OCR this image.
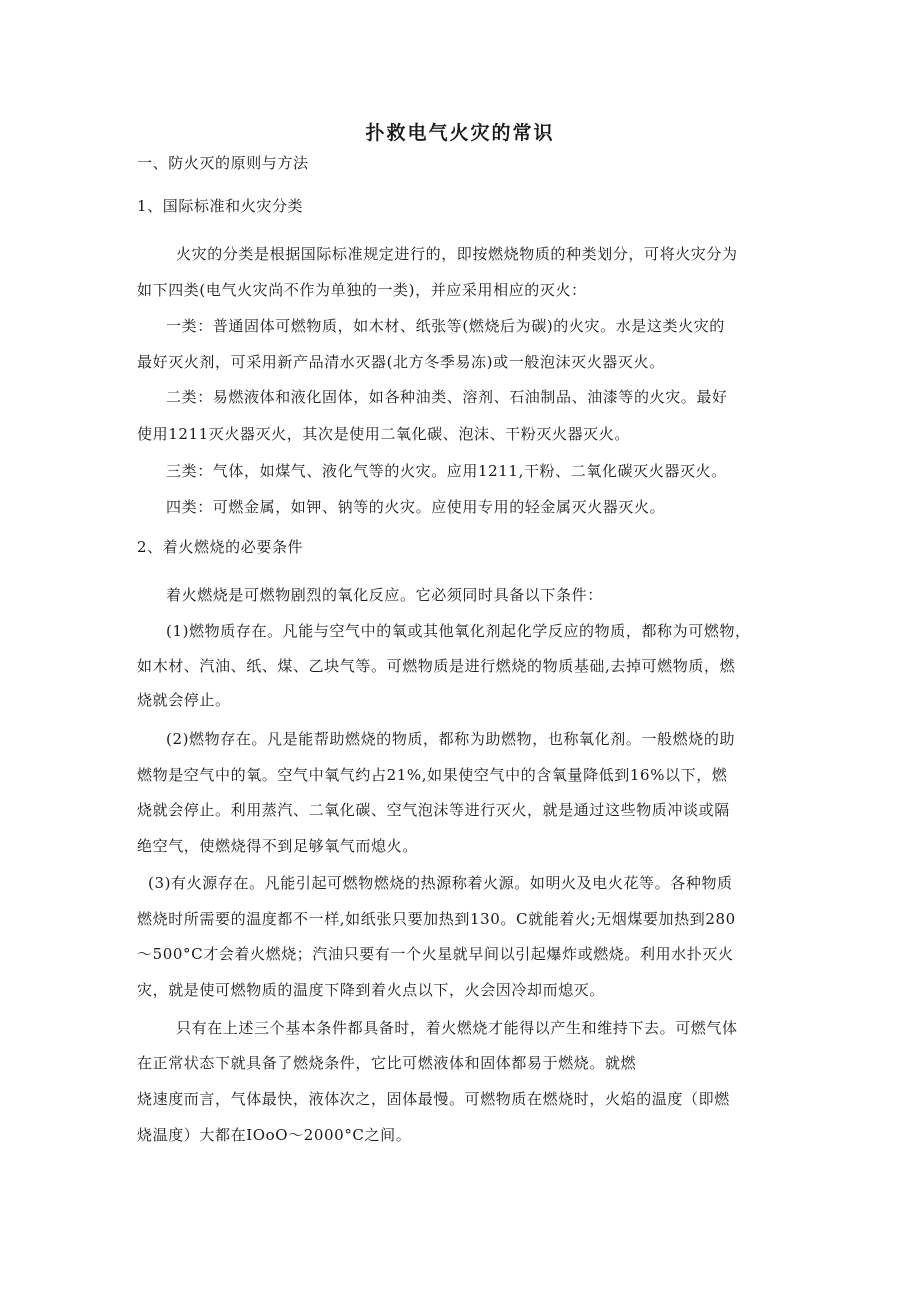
扑救电气火灾的常识
一、防火灭的原则与方法
1、国际标准和火灾分类
火灾的分类是根据国际标准规定进行的，即按燃烧物质的种类划分，可将火灾分为
如下四类(电气火灾尚不作为单独的一类)，并应采用相应的灭火：
一类：普通固体可燃物质，如木材、纸张等(燃烧后为碳)的火灾。水是这类火灾的
最好灭火剂，可采用新产品清水灭器(北方冬季易冻)或一般泡沫灭火器灭火。
二类：易燃液体和液化固体，如各种油类、溶剂、石油制品、油漆等的火灾。最好
使用1211灭火器灭火，其次是使用二氧化碳、泡沫、干粉灭火器灭火。
三类：气体，如煤气、液化气等的火灾。应用1211,干粉、二氧化碳灭火器灭火。
四类：可燃金属，如钾、钠等的火灾。应使用专用的轻金属灭火器灭火。
2、着火燃烧的必要条件
着火燃烧是可燃物剧烈的氧化反应。它必须同时具备以下条件：
(1)燃物质存在。凡能与空气中的氧或其他氧化剂起化学反应的物质，都称为可燃物，
如木材、汽油、纸、煤、乙块气等。可燃物质是进行燃烧的物质基础,去掉可燃物质，燃
烧就会停止。
(2)燃物存在。凡是能帮助燃烧的物质，都称为助燃物，也称氧化剂。一般燃烧的助
燃物是空气中的氧。空气中氧气约占21%,如果使空气中的含氧量降低到16%以下，燃
烧就会停止。利用蒸汽、二氧化碳、空气泡沫等进行灭火，就是通过这些物质冲谈或隔
绝空气，使燃烧得不到足够氧气而熄火。
(3)有火源存在。凡能引起可燃物燃烧的热源称着火源。如明火及电火花等。各种物质
燃烧时所需要的温度都不一样,如纸张只要加热到130。C就能着火;无烟煤要加热到280
～500°C才会着火燃烧；汽油只要有一个火星就早间以引起爆炸或燃烧。利用水扑灭火
灾，就是使可燃物质的温度下降到着火点以下，火会因冷却而熄灭。
只有在上述三个基本条件都具备时，着火燃烧才能得以产生和维持下去。可燃气体
在正常状态下就具备了燃烧条件，它比可燃液体和固体都易于燃烧。就燃
烧速度而言，气体最快，液体次之，固体最慢。可燃物质在燃烧时，火焰的温度（即燃
烧温度）大都在IOoO～2000°C之间。
